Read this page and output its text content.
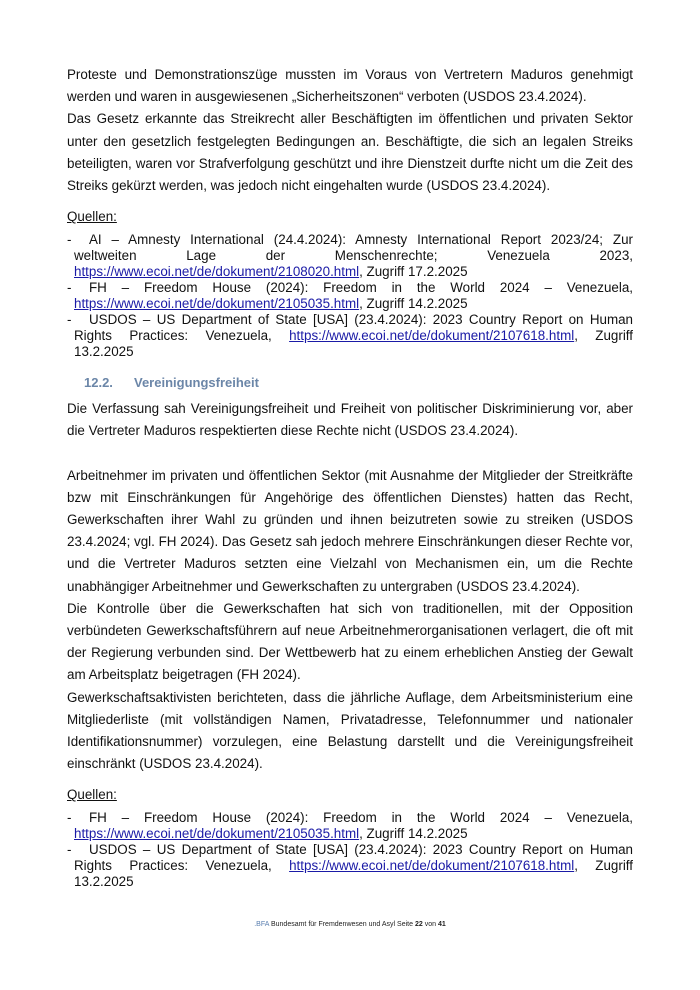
Proteste und Demonstrationszüge mussten im Voraus von Vertretern Maduros genehmigt werden und waren in ausgewiesenen „Sicherheitszonen“ verboten (USDOS 23.4.2024).

Das Gesetz erkannte das Streikrecht aller Beschäftigten im öffentlichen und privaten Sektor unter den gesetzlich festgelegten Bedingungen an. Beschäftigte, die sich an legalen Streiks beteiligten, waren vor Strafverfolgung geschützt und ihre Dienstzeit durfte nicht um die Zeit des Streiks gekürzt werden, was jedoch nicht eingehalten wurde (USDOS 23.4.2024).

Quellen:
- AI – Amnesty International (24.4.2024): Amnesty International Report 2023/24; Zur weltweiten Lage der Menschenrechte; Venezuela 2023, https://www.ecoi.net/de/dokument/2108020.html, Zugriff 17.2.2025
- FH – Freedom House (2024): Freedom in the World 2024 – Venezuela, https://www.ecoi.net/de/dokument/2105035.html, Zugriff 14.2.2025
- USDOS – US Department of State [USA] (23.4.2024): 2023 Country Report on Human Rights Practices: Venezuela, https://www.ecoi.net/de/dokument/2107618.html, Zugriff 13.2.2025
12.2. Vereinigungsfreiheit

Die Verfassung sah Vereinigungsfreiheit und Freiheit von politischer Diskriminierung vor, aber die Vertreter Maduros respektierten diese Rechte nicht (USDOS 23.4.2024).

Arbeitnehmer im privaten und öffentlichen Sektor (mit Ausnahme der Mitglieder der Streitkräfte bzw mit Einschränkungen für Angehörige des öffentlichen Dienstes) hatten das Recht, Gewerkschaften ihrer Wahl zu gründen und ihnen beizutreten sowie zu streiken (USDOS 23.4.2024; vgl. FH 2024). Das Gesetz sah jedoch mehrere Einschränkungen dieser Rechte vor, und die Vertreter Maduros setzten eine Vielzahl von Mechanismen ein, um die Rechte unabhängiger Arbeitnehmer und Gewerkschaften zu untergraben (USDOS 23.4.2024).

Die Kontrolle über die Gewerkschaften hat sich von traditionellen, mit der Opposition verbündeten Gewerkschaftsführern auf neue Arbeitnehmerorganisationen verlagert, die oft mit der Regierung verbunden sind. Der Wettbewerb hat zu einem erheblichen Anstieg der Gewalt am Arbeitsplatz beigetragen (FH 2024).

Gewerkschaftsaktivisten berichteten, dass die jährliche Auflage, dem Arbeitsministerium eine Mitgliederliste (mit vollständigen Namen, Privatadresse, Telefonnummer und nationaler Identifikationsnummer) vorzulegen, eine Belastung darstellt und die Vereinigungsfreiheit einschränkt (USDOS 23.4.2024).

Quellen:
- FH – Freedom House (2024): Freedom in the World 2024 – Venezuela, https://www.ecoi.net/de/dokument/2105035.html, Zugriff 14.2.2025
- USDOS – US Department of State [USA] (23.4.2024): 2023 Country Report on Human Rights Practices: Venezuela, https://www.ecoi.net/de/dokument/2107618.html, Zugriff 13.2.2025
.BFA Bundesamt für Fremdenwesen und Asyl Seite 22 von 41
